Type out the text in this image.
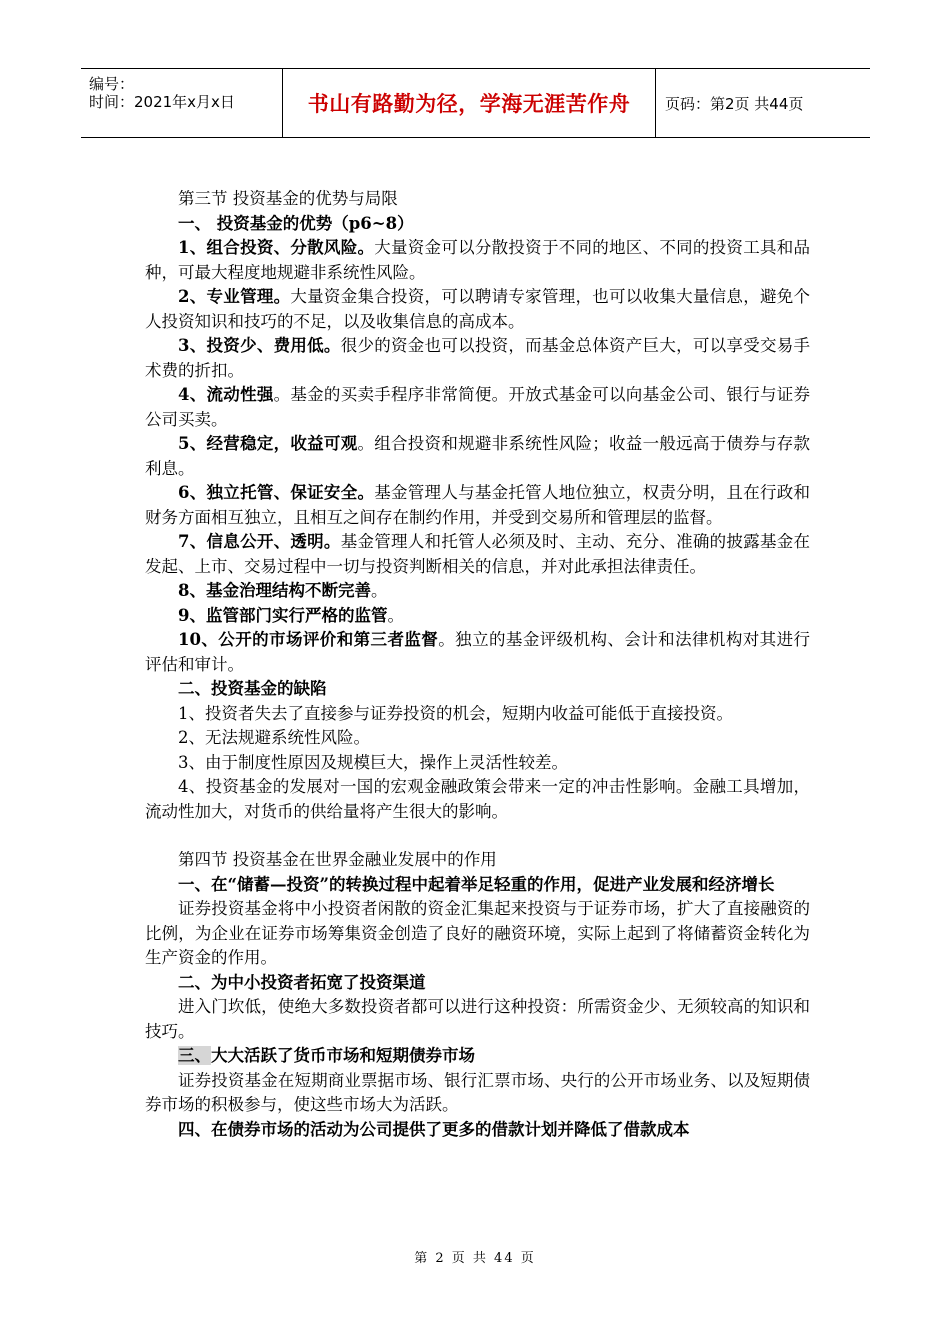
编号：
时间：2021年x月x日	书山有路勤为径，学海无涯苦作舟	页码：第2页 共44页

第三节 投资基金的优势与局限

一、 投资基金的优势（p6~8）

1、组合投资、分散风险。大量资金可以分散投资于不同的地区、不同的投资工具和品种，可最大程度地规避非系统性风险。

2、专业管理。大量资金集合投资，可以聘请专家管理，也可以收集大量信息，避免个人投资知识和技巧的不足，以及收集信息的高成本。

3、投资少、费用低。很少的资金也可以投资，而基金总体资产巨大，可以享受交易手术费的折扣。

4、流动性强。基金的买卖手程序非常简便。开放式基金可以向基金公司、银行与证券公司买卖。

5、经营稳定，收益可观。组合投资和规避非系统性风险；收益一般远高于债券与存款利息。

6、独立托管、保证安全。基金管理人与基金托管人地位独立，权责分明，且在行政和财务方面相互独立，且相互之间存在制约作用，并受到交易所和管理层的监督。

7、信息公开、透明。基金管理人和托管人必须及时、主动、充分、准确的披露基金在发起、上市、交易过程中一切与投资判断相关的信息，并对此承担法律责任。

8、基金治理结构不断完善。

9、监管部门实行严格的监管。

10、公开的市场评价和第三者监督。独立的基金评级机构、会计和法律机构对其进行评估和审计。

二、投资基金的缺陷

1、投资者失去了直接参与证券投资的机会，短期内收益可能低于直接投资。

2、无法规避系统性风险。

3、由于制度性原因及规模巨大，操作上灵活性较差。

4、投资基金的发展对一国的宏观金融政策会带来一定的冲击性影响。金融工具增加，流动性加大，对货币的供给量将产生很大的影响。

第四节 投资基金在世界金融业发展中的作用

一、在“储蓄—投资”的转换过程中起着举足轻重的作用，促进产业发展和经济增长

证券投资基金将中小投资者闲散的资金汇集起来投资与于证券市场，扩大了直接融资的比例，为企业在证券市场筹集资金创造了良好的融资环境，实际上起到了将储蓄资金转化为生产资金的作用。

二、为中小投资者拓宽了投资渠道

进入门坎低，使绝大多数投资者都可以进行这种投资：所需资金少、无须较高的知识和技巧。

三、大大活跃了货币市场和短期债券市场

证券投资基金在短期商业票据市场、银行汇票市场、央行的公开市场业务、以及短期债券市场的积极参与，使这些市场大为活跃。

四、在债券市场的活动为公司提供了更多的借款计划并降低了借款成本

第 2 页 共 44 页
